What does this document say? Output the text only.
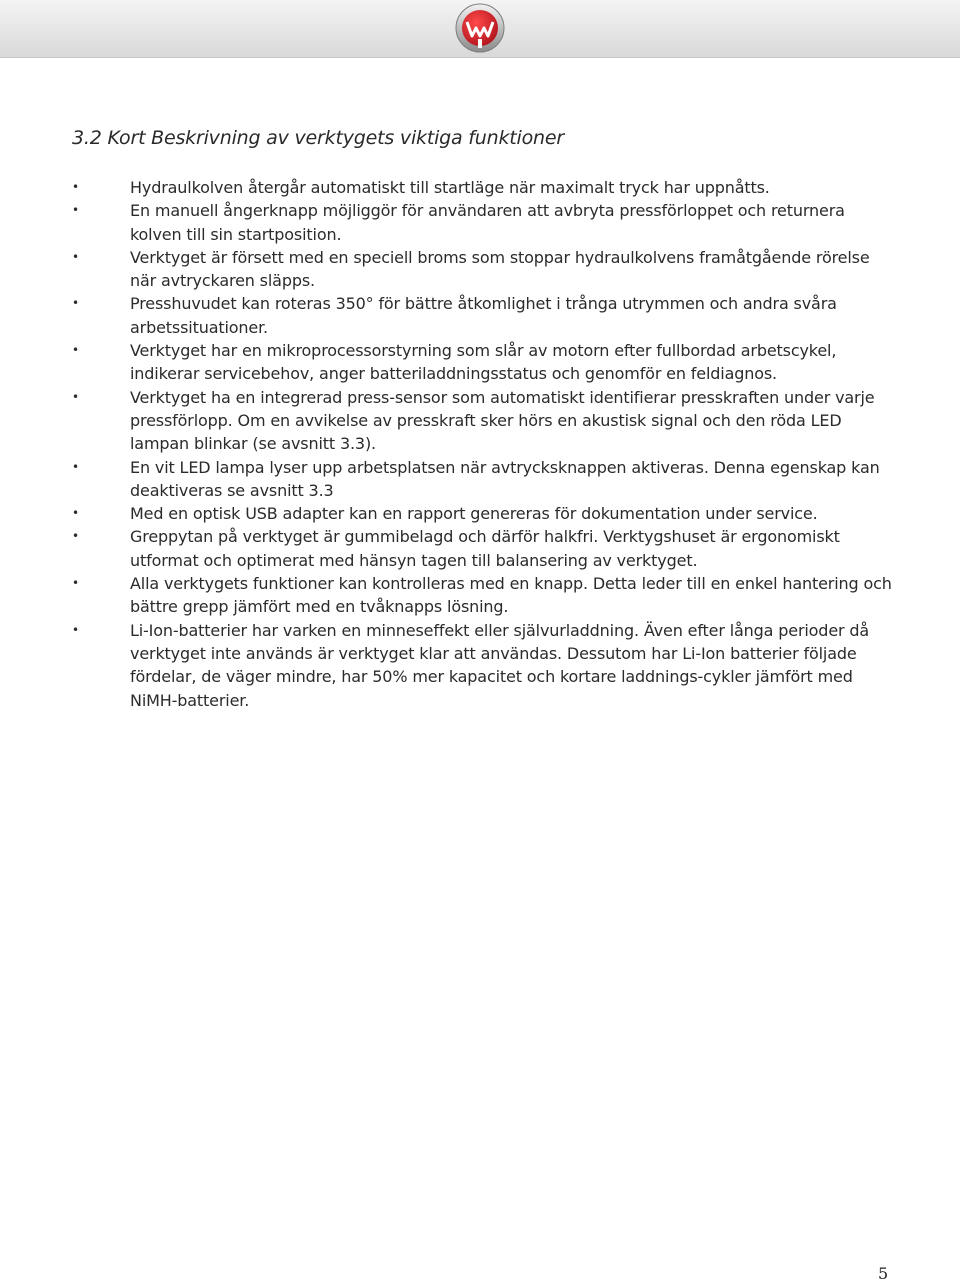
3.2 Kort Beskrivning av verktygets viktiga funktioner
•	Hydraulkolven återgår automatiskt till startläge när maximalt tryck har uppnåtts.
•	En manuell ångerknapp möjliggör för användaren att avbryta pressförloppet och returnera kolven till sin startposition.
•	Verktyget är försett med en speciell broms som stoppar hydraulkolvens framåtgående rörelse när avtryckaren släpps.
•	Presshuvudet kan roteras 350° för bättre åtkomlighet i trånga utrymmen och andra svåra arbetssituationer.
•	Verktyget har en mikroprocessorstyrning som slår av motorn efter fullbordad arbetscykel, indikerar servicebehov, anger batteriladdningsstatus och genomför en feldiagnos.
•	Verktyget ha en integrerad press-sensor som automatiskt identifierar presskraften under varje pressförlopp. Om en avvikelse av presskraft sker hörs en akustisk signal och den röda LED lampan blinkar (se avsnitt 3.3).
•	En vit LED lampa lyser upp arbetsplatsen när avtrycksknappen aktiveras. Denna egenskap kan deaktiveras se avsnitt 3.3
•	Med en optisk USB adapter kan en rapport genereras för dokumentation under service.
•	Greppytan på verktyget är gummibelagd och därför halkfri. Verktygshuset är ergonomiskt utformat och optimerat med hänsyn tagen till balansering av verktyget.
•	Alla verktygets funktioner kan kontrolleras med en knapp. Detta leder till en enkel hantering och bättre grepp jämfört med en tvåknapps lösning.
•	Li-Ion-batterier har varken en minneseffekt eller självurladdning. Även efter långa perioder då verktyget inte används är verktyget klar att användas. Dessutom har Li-Ion batterier följade fördelar, de väger mindre, har 50% mer kapacitet och kortare laddnings-cykler jämfört med NiMH-batterier.
5
